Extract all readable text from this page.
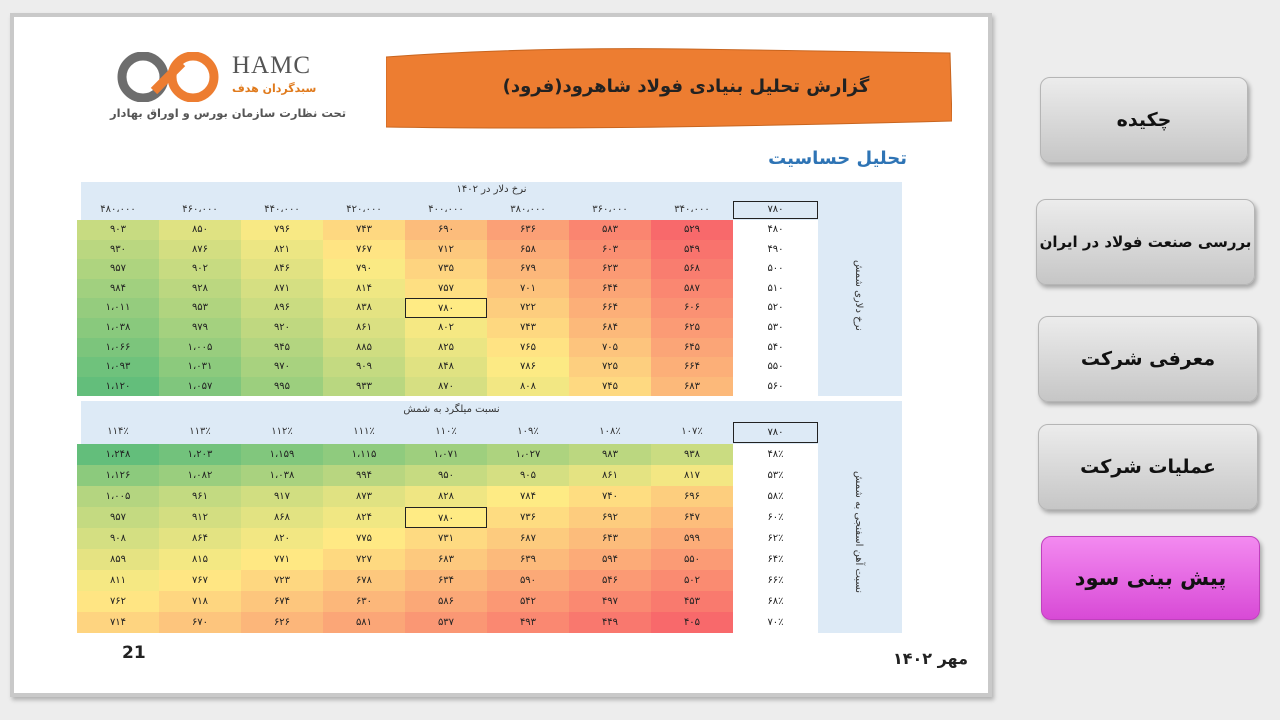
HAMC
سبدگردان هدف
تحت نظارت سازمان بورس و اوراق بهادار
گزارش تحلیل بنیادی فولاد شاهرود(فرود)
تحلیل حساسیت
نرخ دلار در ۱۴۰۲
۷۸۰
نرخ دلاری شمش
۳۴۰،۰۰۰
۳۶۰،۰۰۰
۳۸۰،۰۰۰
۴۰۰،۰۰۰
۴۲۰،۰۰۰
۴۴۰،۰۰۰
۴۶۰،۰۰۰
۴۸۰،۰۰۰
۴۸۰
۵۲۹
۵۸۳
۶۳۶
۶۹۰
۷۴۳
۷۹۶
۸۵۰
۹۰۳
۴۹۰
۵۴۹
۶۰۳
۶۵۸
۷۱۲
۷۶۷
۸۲۱
۸۷۶
۹۳۰
۵۰۰
۵۶۸
۶۲۳
۶۷۹
۷۳۵
۷۹۰
۸۴۶
۹۰۲
۹۵۷
۵۱۰
۵۸۷
۶۴۴
۷۰۱
۷۵۷
۸۱۴
۸۷۱
۹۲۸
۹۸۴
۵۲۰
۶۰۶
۶۶۴
۷۲۲
۷۸۰
۸۳۸
۸۹۶
۹۵۳
۱،۰۱۱
۵۳۰
۶۲۵
۶۸۴
۷۴۳
۸۰۲
۸۶۱
۹۲۰
۹۷۹
۱،۰۳۸
۵۴۰
۶۴۵
۷۰۵
۷۶۵
۸۲۵
۸۸۵
۹۴۵
۱،۰۰۵
۱،۰۶۶
۵۵۰
۶۶۴
۷۲۵
۷۸۶
۸۴۸
۹۰۹
۹۷۰
۱،۰۳۱
۱،۰۹۳
۵۶۰
۶۸۳
۷۴۵
۸۰۸
۸۷۰
۹۳۳
۹۹۵
۱،۰۵۷
۱،۱۲۰
نسبت میلگرد به شمش
۷۸۰
نسبت آهن اسفنجی به شمش
۱۰۷٪
۱۰۸٪
۱۰۹٪
۱۱۰٪
۱۱۱٪
۱۱۲٪
۱۱۳٪
۱۱۴٪
۴۸٪
۹۳۸
۹۸۳
۱،۰۲۷
۱،۰۷۱
۱،۱۱۵
۱،۱۵۹
۱،۲۰۳
۱،۲۴۸
۵۳٪
۸۱۷
۸۶۱
۹۰۵
۹۵۰
۹۹۴
۱،۰۳۸
۱،۰۸۲
۱،۱۲۶
۵۸٪
۶۹۶
۷۴۰
۷۸۴
۸۲۸
۸۷۳
۹۱۷
۹۶۱
۱،۰۰۵
۶۰٪
۶۴۷
۶۹۲
۷۳۶
۷۸۰
۸۲۴
۸۶۸
۹۱۲
۹۵۷
۶۲٪
۵۹۹
۶۴۳
۶۸۷
۷۳۱
۷۷۵
۸۲۰
۸۶۴
۹۰۸
۶۴٪
۵۵۰
۵۹۴
۶۳۹
۶۸۳
۷۲۷
۷۷۱
۸۱۵
۸۵۹
۶۶٪
۵۰۲
۵۴۶
۵۹۰
۶۳۴
۶۷۸
۷۲۳
۷۶۷
۸۱۱
۶۸٪
۴۵۳
۴۹۷
۵۴۲
۵۸۶
۶۳۰
۶۷۴
۷۱۸
۷۶۲
۷۰٪
۴۰۵
۴۴۹
۴۹۳
۵۳۷
۵۸۱
۶۲۶
۶۷۰
۷۱۴
21	مهر ۱۴۰۲
چکیده
بررسی صنعت فولاد در ایران
معرفی شرکت
عملیات شرکت
پیش بینی سود
